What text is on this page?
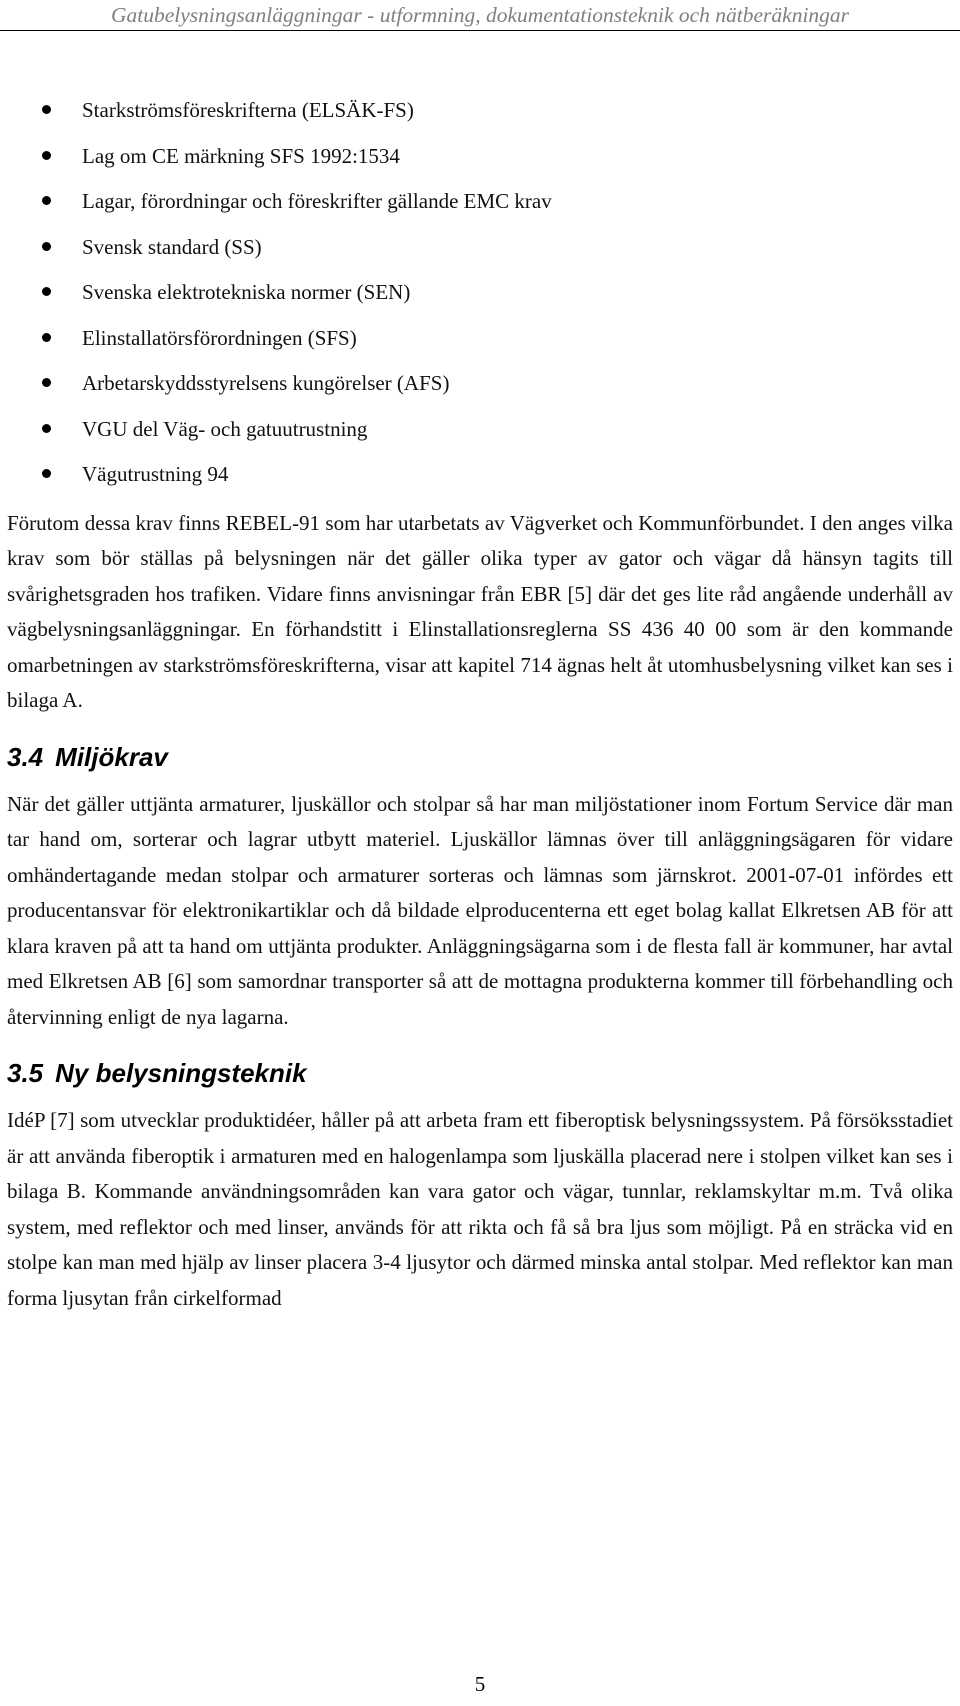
Gatubelysningsanläggningar - utformning, dokumentationsteknik och nätberäkningar
Starkströmsföreskrifterna (ELSÄK-FS)
Lag om CE märkning SFS 1992:1534
Lagar, förordningar och föreskrifter gällande EMC krav
Svensk standard (SS)
Svenska elektrotekniska normer (SEN)
Elinstallatörsförordningen (SFS)
Arbetarskyddsstyrelsens kungörelser (AFS)
VGU del Väg- och gatuutrustning
Vägutrustning 94

Förutom dessa krav finns REBEL-91 som har utarbetats av Vägverket och Kommunförbundet. I den anges vilka krav som bör ställas på belysningen när det gäller olika typer av gator och vägar då hänsyn tagits till svårighetsgraden hos trafiken. Vidare finns anvisningar från EBR [5] där det ges lite råd angående underhåll av vägbelysningsanläggningar. En förhandstitt i Elinstallationsreglerna SS 436 40 00 som är den kommande omarbetningen av starkströmsföreskrifterna, visar att kapitel 714 ägnas helt åt utomhusbelysning vilket kan ses i bilaga A.

3.4 Miljökrav

När det gäller uttjänta armaturer, ljuskällor och stolpar så har man miljöstationer inom Fortum Service där man tar hand om, sorterar och lagrar utbytt materiel. Ljuskällor lämnas över till anläggningsägaren för vidare omhändertagande medan stolpar och armaturer sorteras och lämnas som järnskrot. 2001-07-01 infördes ett producentansvar för elektronikartiklar och då bildade elproducenterna ett eget bolag kallat Elkretsen AB för att klara kraven på att ta hand om uttjänta produkter. Anläggningsägarna som i de flesta fall är kommuner, har avtal med Elkretsen AB [6] som samordnar transporter så att de mottagna produkterna kommer till förbehandling och återvinning enligt de nya lagarna.

3.5 Ny belysningsteknik

IdéP [7] som utvecklar produktidéer, håller på att arbeta fram ett fiberoptisk belysningssystem. På försöksstadiet är att använda fiberoptik i armaturen med en halogenlampa som ljuskälla placerad nere i stolpen vilket kan ses i bilaga B. Kommande användningsområden kan vara gator och vägar, tunnlar, reklamskyltar m.m. Två olika system, med reflektor och med linser, används för att rikta och få så bra ljus som möjligt. På en sträcka vid en stolpe kan man med hjälp av linser placera 3-4 ljusytor och därmed minska antal stolpar. Med reflektor kan man forma ljusytan från cirkelformad

5
